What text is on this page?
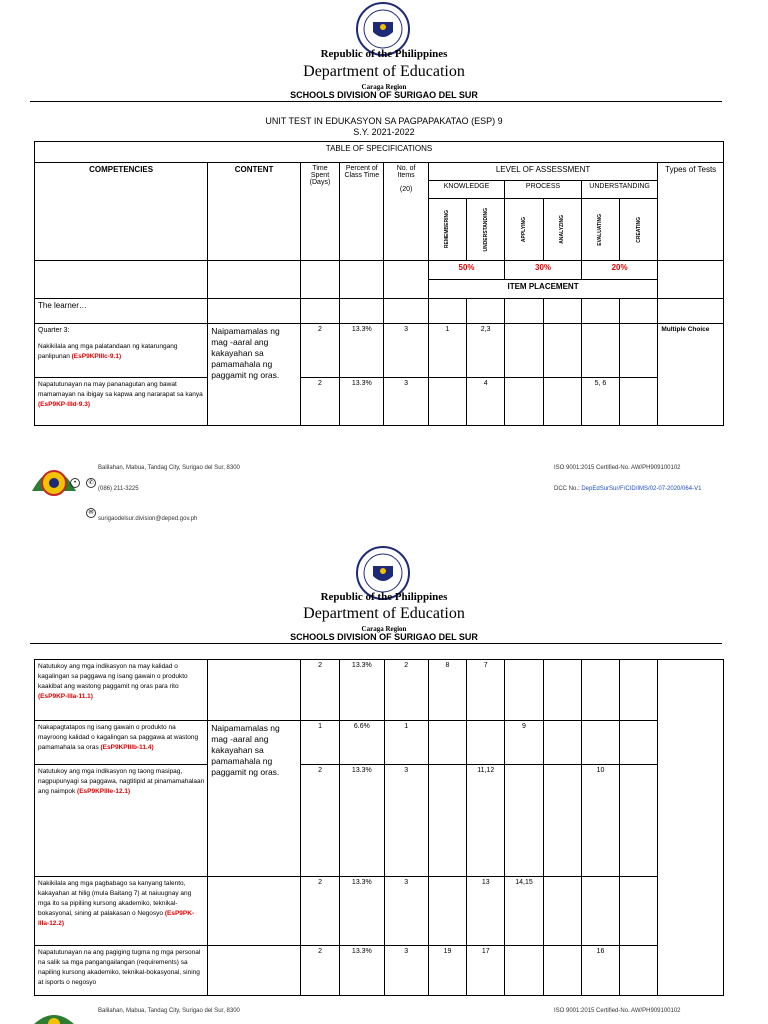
Republic of the Philippines
Department of Education
Caraga Region
SCHOOLS DIVISION OF SURIGAO DEL SUR
UNIT TEST IN EDUKASYON SA PAGPAPAKATAO (ESP) 9
S.Y. 2021-2022
TABLE OF SPECIFICATIONS											
COMPETENCIES	CONTENT	Time Spent (Days)	Percent of Class Time	No. of Items

(20)	LEVEL OF ASSESSMENT						Types of Tests
					KNOWLEDGE		PROCESS		UNDERSTANDING		

					REMEMBERING	UNDERSTANDING	APPLYING	ANALYZING	EVALUATING	CREATING	

					50%		30%		20%		
					ITEM PLACEMENT						
The learner…											

Quarter 3:
Nakikilala ang mga palatandaan ng katarungang panlipunan (EsP9KPIIIc-9.1)	Naipamamalas ng mag -aaral ang kakayahan sa pamamahala ng paggamit ng oras.	2	13.3%	3	1	2,3					Multiple Choice
Napatutunayan na may pananagutan ang bawat mamamayan na ibigay sa kapwa ang nararapat sa kanya (EsP9KP-IIId-9.3)		2	13.3%	3		4			5, 6		
•	✆
✉
Balilahan, Mabua, Tandag City, Surigao del Sur, 8300
(086) 211-3225
surigaodelsur.division@deped.gov.ph
ISO 9001:2015 Certified-No. AW/PH909100102
DCC No.: DepEdSurSur/F/CID/IMS/02-07-2020/064-V1
Republic of the Philippines
Department of Education
Caraga Region
SCHOOLS DIVISION OF SURIGAO DEL SUR
Natutukoy ang mga indikasyon na may kalidad o kagalingan sa paggawa ng isang gawain o produkto kaakibat ang wastong paggamit ng oras para rito (EsP9KP-IIIa-11.1)		2	13.3%	2	8	7					
Nakapagtatapos ng isang gawain o produkto na mayroong kalidad o kagalingan sa paggawa at wastong pamamahala sa oras (EsP9KPIIIb-11.4)	Naipamamalas ng mag -aaral ang kakayahan sa pamamahala ng paggamit ng oras.	1	6.6%	1			9				
Natutukoy ang mga indikasyon ng taong masipag, nagpupunyagi sa paggawa, nagtitipid at pinamamahalaan ang naimpok (EsP9KPIIIe-12.1)		2	13.3%	3		11,12			10		
Nakikilala ang mga pagbabago sa kanyang talento, kakayahan at hilig (mula Baitang 7) at naiuugnay ang mga ito sa pipiliing kursong akademiko, teknikal-bokasyonal, sining at palakasan o Negosyo (EsP9PK-IIIa-12.2)		2	13.3%	3		13	14,15				
Napatutunayan na ang pagiging tugma ng mga personal na salik sa mga pangangailangan (requirements) sa napiling kursong akademiko, teknikal-bokasyonal, sining at isports o negosyo		2	13.3%	3	19	17			16		
Balilahan, Mabua, Tandag City, Surigao del Sur, 8300	ISO 9001:2015 Certified-No. AW/PH909100102
